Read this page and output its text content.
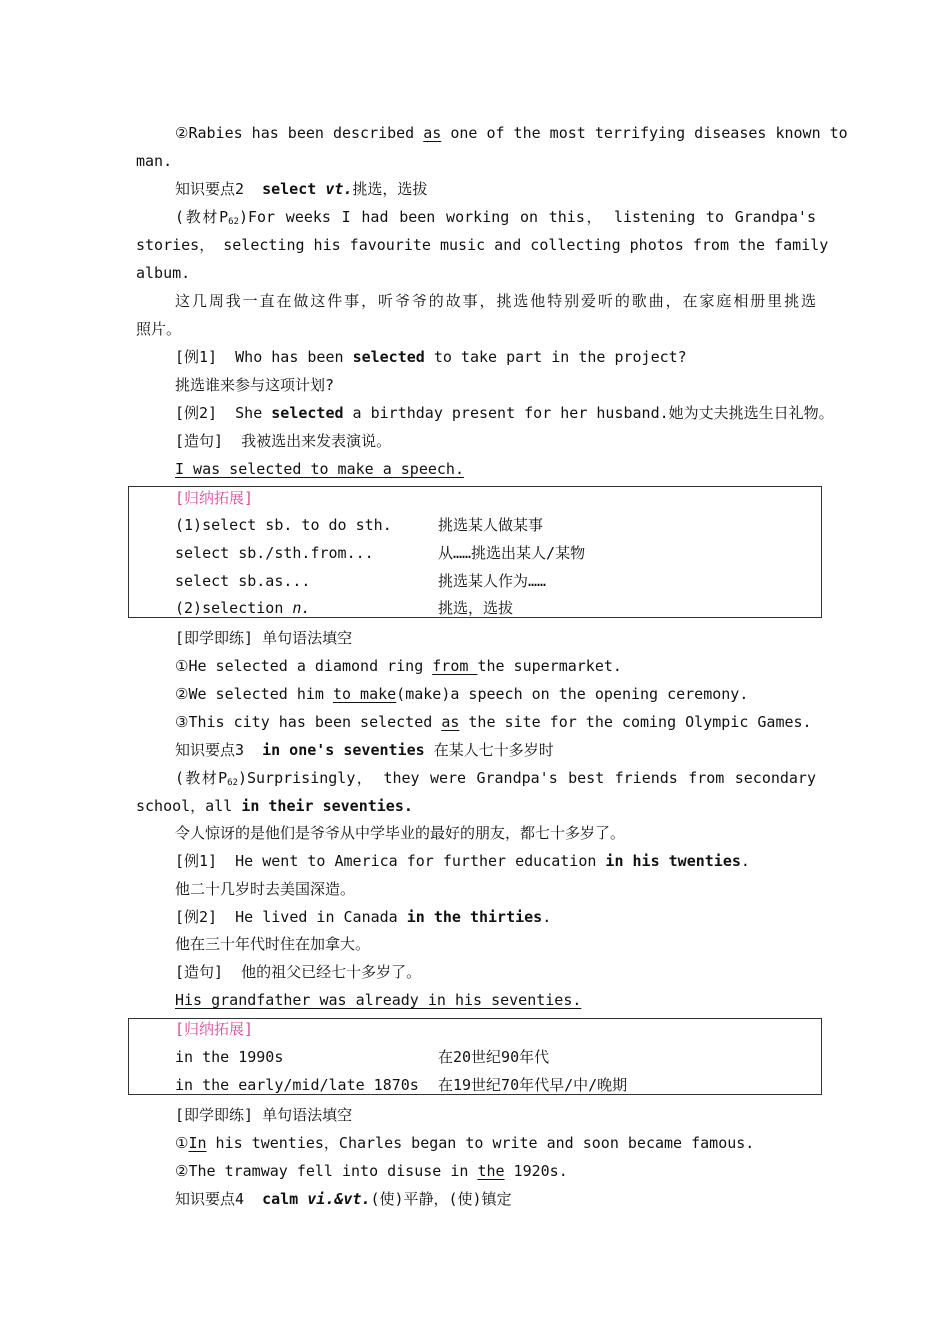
②Rabies has been described as one of the most terrifying diseases known to
man.
知识要点2 select vt.挑选，选拔
(教材$P_{62})For$ weeks I had been working on this， listening to Grandpa's
stories， selecting his favourite music and collecting photos from the family
album.
这几周我一直在做这件事，听爷爷的故事，挑选他特别爱听的歌曲，在家庭相册里挑选
照片。
[例1] Who has been selected to take part in the project?
挑选谁来参与这项计划?
[例2] She selected a birthday present for her husband.她为丈夫挑选生日礼物。
[造句] 我被选出来发表演说。
I was selected to make a speech.
[归纳拓展]
(1)select sb. to do sth.	挑选某人做某事
select sb./sth.from...	从……挑选出某人/某物
select sb.as...	挑选某人作为……
(2)selection n.	挑选，选拔
[即学即练] 单句语法填空
①He selected a diamond ring from the supermarket.
②We selected him to make(make)a speech on the opening ceremony.
③This city has been selected as the site for the coming Olympic Games.
知识要点3 in one's seventies 在某人七十多岁时
(教材$P_{62})Surprisingly$， they were Grandpa's best friends from secondary
school，all in their seventies.
令人惊讶的是他们是爷爷从中学毕业的最好的朋友，都七十多岁了。
[例1] He went to America for further education in his twenties.
他二十几岁时去美国深造。
[例2] He lived in Canada in the thirties.
他在三十年代时住在加拿大。
[造句] 他的祖父已经七十多岁了。
His grandfather was already in his seventies.
[归纳拓展]
in the 1990s	在20世纪90年代
in the early/mid/late 1870s 在19世纪70年代早/中/晚期
[即学即练] 单句语法填空
①In his twenties，Charles began to write and soon became famous.
②The tramway fell into disuse in the 1920s.
知识要点4 calm vi.&vt.(使)平静，(使)镇定
